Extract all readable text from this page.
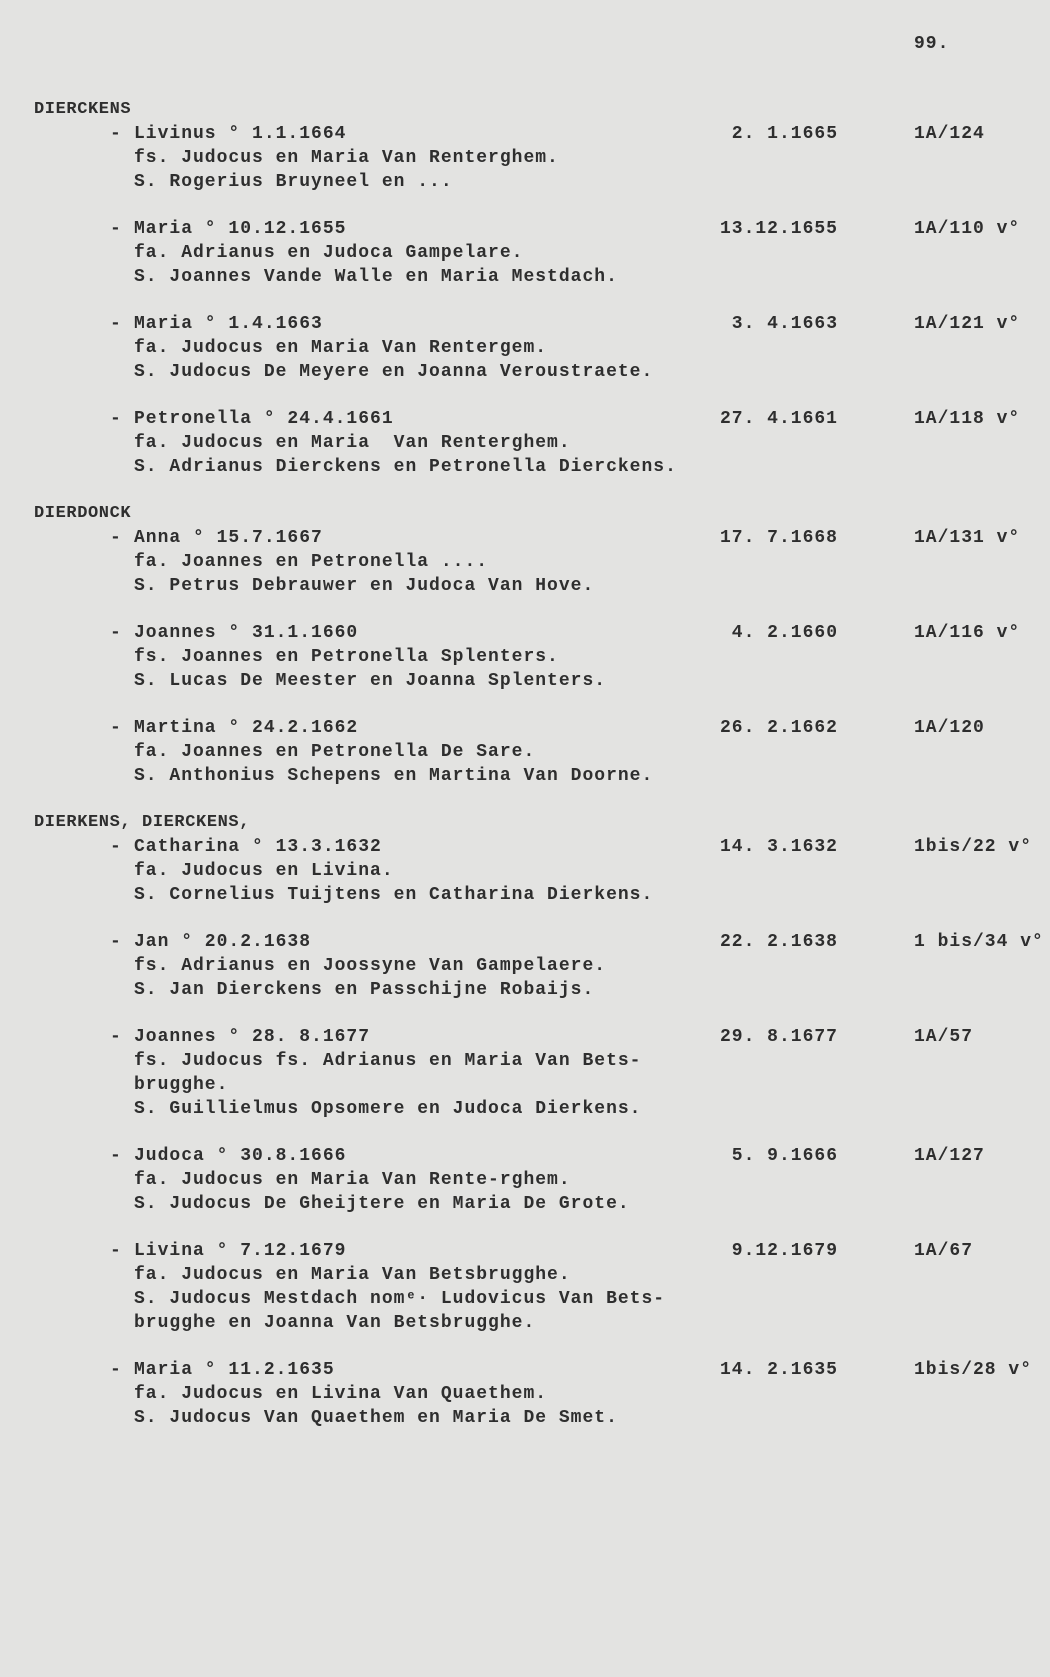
99.
DIERCKENS
- Livinus ° 1.1.1664	2. 1.1665	1A/124
fs. Judocus en Maria Van Renterghem.
S. Rogerius Bruyneel en ...
- Maria ° 10.12.1655	13.12.1655	1A/110 v°
fa. Adrianus en Judoca Gampelare.
S. Joannes Vande Walle en Maria Mestdach.
- Maria ° 1.4.1663	3. 4.1663	1A/121 v°
fa. Judocus en Maria Van Rentergem.
S. Judocus De Meyere en Joanna Veroustraete.
- Petronella ° 24.4.1661	27. 4.1661	1A/118 v°
fa. Judocus en Maria  Van Renterghem.
S. Adrianus Dierckens en Petronella Dierckens.
DIERDONCK
- Anna ° 15.7.1667	17. 7.1668	1A/131 v°
fa. Joannes en Petronella ....
S. Petrus Debrauwer en Judoca Van Hove.
- Joannes ° 31.1.1660	4. 2.1660	1A/116 v°
fs. Joannes en Petronella Splenters.
S. Lucas De Meester en Joanna Splenters.
- Martina ° 24.2.1662	26. 2.1662	1A/120
fa. Joannes en Petronella De Sare.
S. Anthonius Schepens en Martina Van Doorne.
DIERKENS, DIERCKENS,
- Catharina ° 13.3.1632	14. 3.1632	1bis/22 v°
fa. Judocus en Livina.
S. Cornelius Tuijtens en Catharina Dierkens.
- Jan ° 20.2.1638	22. 2.1638	1 bis/34 v°
fs. Adrianus en Joossyne Van Gampelaere.
S. Jan Dierckens en Passchijne Robaijs.
- Joannes ° 28. 8.1677	29. 8.1677	1A/57
fs. Judocus fs. Adrianus en Maria Van Bets-
brugghe.
S. Guillielmus Opsomere en Judoca Dierkens.
- Judoca ° 30.8.1666	5. 9.1666	1A/127
fa. Judocus en Maria Van Rente-rghem.
S. Judocus De Gheijtere en Maria De Grote.
- Livina ° 7.12.1679	9.12.1679	1A/67
fa. Judocus en Maria Van Betsbrugghe.
S. Judocus Mestdach nomᵉ· Ludovicus Van Bets-
brugghe en Joanna Van Betsbrugghe.
- Maria ° 11.2.1635	14. 2.1635	1bis/28 v°
fa. Judocus en Livina Van Quaethem.
S. Judocus Van Quaethem en Maria De Smet.
